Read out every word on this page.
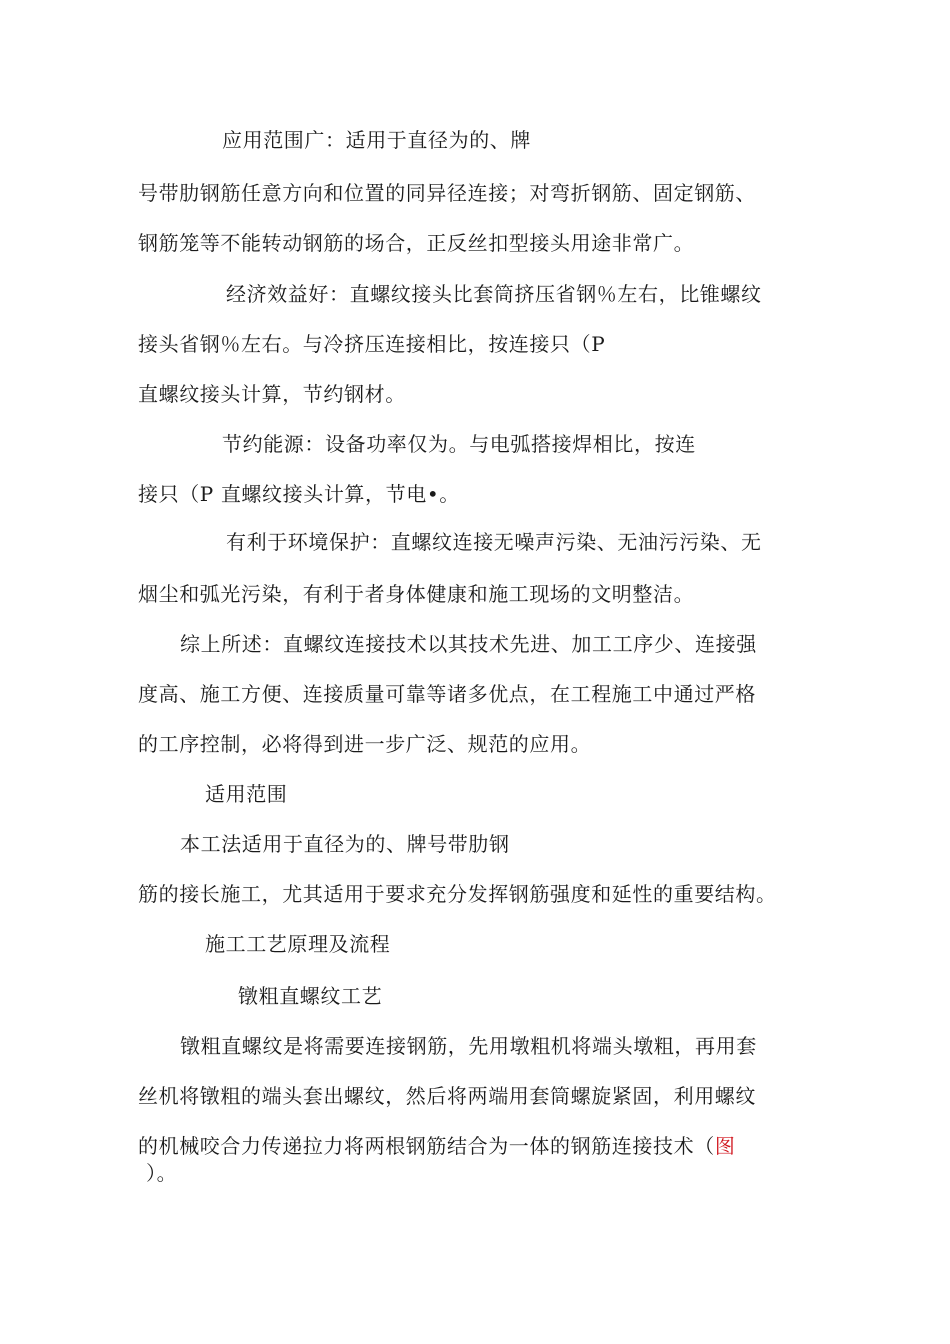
应用范围广：适用于直径为的、牌
号带肋钢筋任意方向和位置的同异径连接；对弯折钢筋、固定钢筋、
钢筋笼等不能转动钢筋的场合，正反丝扣型接头用途非常广。
经济效益好：直螺纹接头比套筒挤压省钢％左右，比锥螺纹
接头省钢％左右。与冷挤压连接相比，按连接只（P
直螺纹接头计算，节约钢材。
节约能源：设备功率仅为。与电弧搭接焊相比，按连
接只（P 直螺纹接头计算，节电•。
有利于环境保护：直螺纹连接无噪声污染、无油污污染、无
烟尘和弧光污染，有利于者身体健康和施工现场的文明整洁。
综上所述：直螺纹连接技术以其技术先进、加工工序少、连接强
度高、施工方便、连接质量可靠等诸多优点，在工程施工中通过严格
的工序控制，必将得到进一步广泛、规范的应用。
适用范围
本工法适用于直径为的、牌号带肋钢
筋的接长施工，尤其适用于要求充分发挥钢筋强度和延性的重要结构。
施工工艺原理及流程
镦粗直螺纹工艺
镦粗直螺纹是将需要连接钢筋，先用墩粗机将端头墩粗，再用套
丝机将镦粗的端头套出螺纹，然后将两端用套筒螺旋紧固，利用螺纹
的机械咬合力传递拉力将两根钢筋结合为一体的钢筋连接技术（图
）。
